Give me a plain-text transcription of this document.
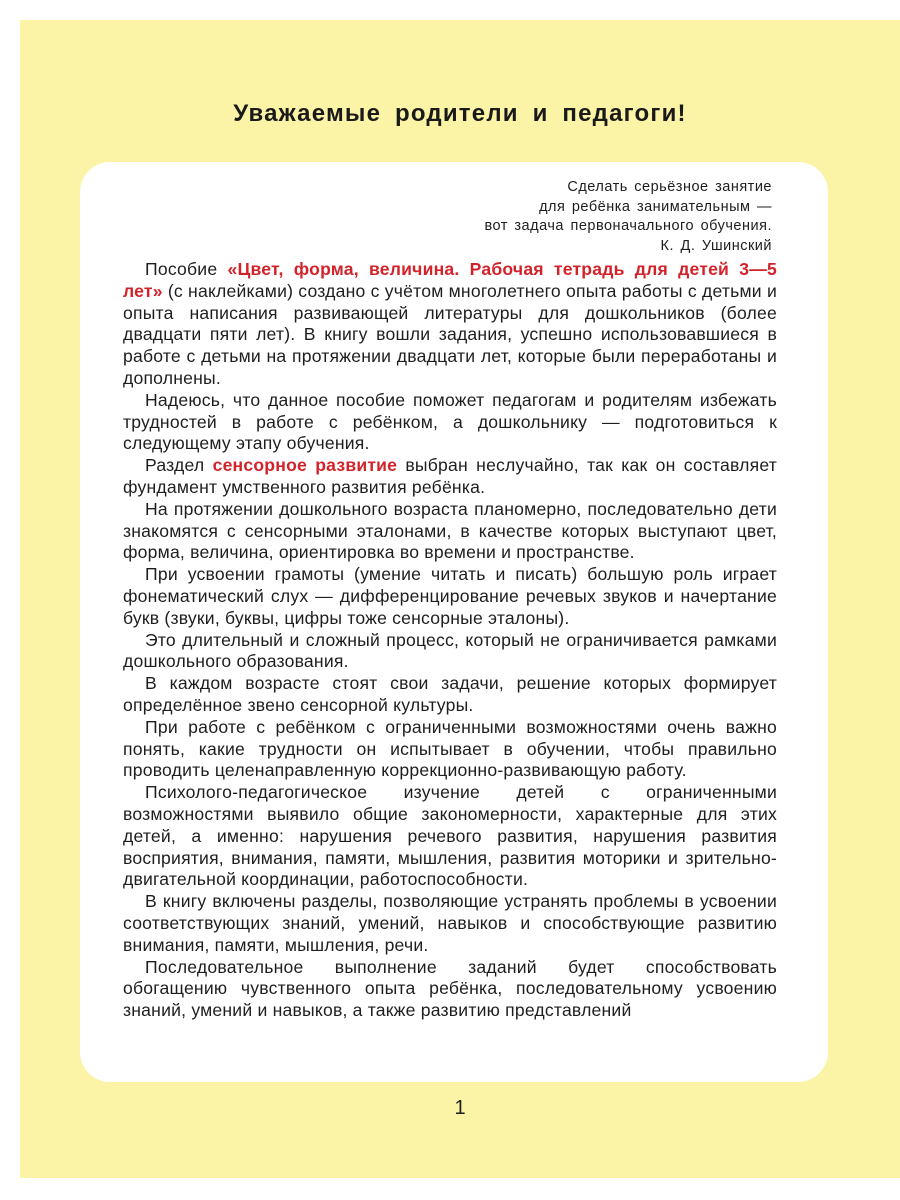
Уважаемые родители и педагоги!
Сделать серьёзное занятие
для ребёнка занимательным —
вот задача первоначального обучения.
К. Д. Ушинский

Пособие «Цвет, форма, величина. Рабочая тетрадь для детей 3—5 лет» (с наклейками) создано с учётом многолетнего опыта работы с детьми и опыта написания развивающей литературы для дошкольников (более двадцати пяти лет). В книгу вошли задания, успешно использовавшиеся в работе с детьми на протяжении двадцати лет, которые были переработаны и дополнены.

Надеюсь, что данное пособие поможет педагогам и родителям избежать трудностей в работе с ребёнком, а дошкольнику — подготовиться к следующему этапу обучения.

Раздел сенсорное развитие выбран неслучайно, так как он составляет фундамент умственного развития ребёнка.

На протяжении дошкольного возраста планомерно, последовательно дети знакомятся с сенсорными эталонами, в качестве которых выступают цвет, форма, величина, ориентировка во времени и пространстве.

При усвоении грамоты (умение читать и писать) большую роль играет фонематический слух — дифференцирование речевых звуков и начертание букв (звуки, буквы, цифры тоже сенсорные эталоны).

Это длительный и сложный процесс, который не ограничивается рамками дошкольного образования.

В каждом возрасте стоят свои задачи, решение которых формирует определённое звено сенсорной культуры.

При работе с ребёнком с ограниченными возможностями очень важно понять, какие трудности он испытывает в обучении, чтобы правильно проводить целенаправленную коррекционно-развивающую работу.

Психолого-педагогическое изучение детей с ограниченными возможностями выявило общие закономерности, характерные для этих детей, а именно: нарушения речевого развития, нарушения развития восприятия, внимания, памяти, мышления, развития моторики и зрительно-двигательной координации, работоспособности.

В книгу включены разделы, позволяющие устранять проблемы в усвоении соответствующих знаний, умений, навыков и способствующие развитию внимания, памяти, мышления, речи.

Последовательное выполнение заданий будет способствовать обогащению чувственного опыта ребёнка, последовательному усвоению знаний, умений и навыков, а также развитию представлений

1
